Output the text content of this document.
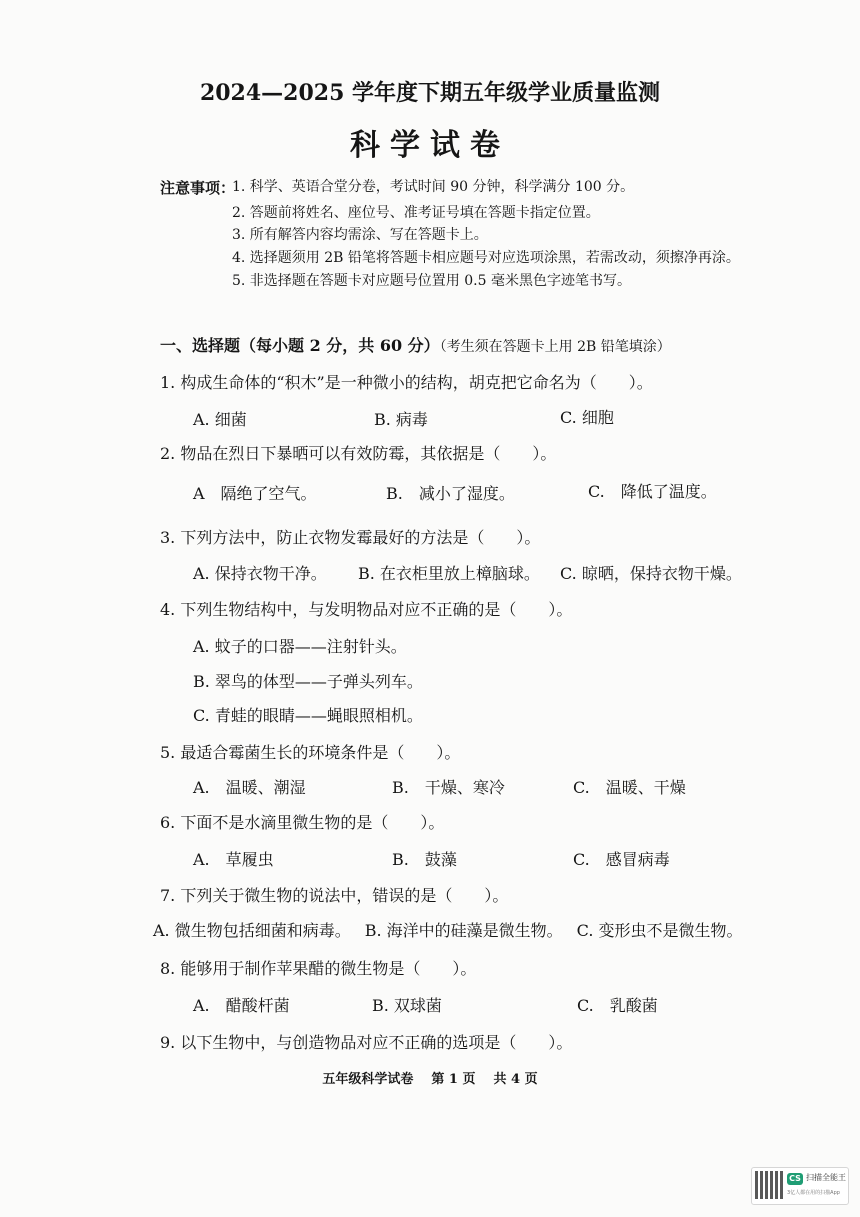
2024—2025 学年度下期五年级学业质量监测
科学试卷
注意事项：
1. 科学、英语合堂分卷，考试时间 90 分钟，科学满分 100 分。
2. 答题前将姓名、座位号、准考证号填在答题卡指定位置。
3. 所有解答内容均需涂、写在答题卡上。
4. 选择题须用 2B 铅笔将答题卡相应题号对应选项涂黑，若需改动，须擦净再涂。
5. 非选择题在答题卡对应题号位置用 0.5 毫米黑色字迹笔书写。
一、选择题（每小题 2 分，共 60 分）（考生须在答题卡上用 2B 铅笔填涂）
1. 构成生命体的“积木”是一种微小的结构，胡克把它命名为（　　）。
A. 细菌	B. 病毒	C. 细胞
2. 物品在烈日下暴晒可以有效防霉，其依据是（　　）。
A　隔绝了空气。	B.　减小了湿度。	C.　降低了温度。
3. 下列方法中，防止衣物发霉最好的方法是（　　）。
A. 保持衣物干净。 B. 在衣柜里放上樟脑球。 C. 晾晒，保持衣物干燥。
4. 下列生物结构中，与发明物品对应不正确的是（　　）。
A. 蚊子的口器——注射针头。
B. 翠鸟的体型——子弹头列车。
C. 青蛙的眼睛——蝇眼照相机。
5. 最适合霉菌生长的环境条件是（　　）。
A.　温暖、潮湿	B.　干燥、寒冷	C.　温暖、干燥
6. 下面不是水滴里微生物的是（　　）。
A.　草履虫	B.　鼓藻	C.　感冒病毒
7. 下列关于微生物的说法中，错误的是（　　）。
A. 微生物包括细菌和病毒。 B. 海洋中的硅藻是微生物。 C. 变形虫不是微生物。
8. 能够用于制作苹果醋的微生物是（　　）。
A.　醋酸杆菌	B. 双球菌	C.　乳酸菌
9. 以下生物中，与创造物品对应不正确的选项是（　　）。
五年级科学试卷 第 1 页 共 4 页
CS 扫描全能王
3亿人都在用的扫描App
